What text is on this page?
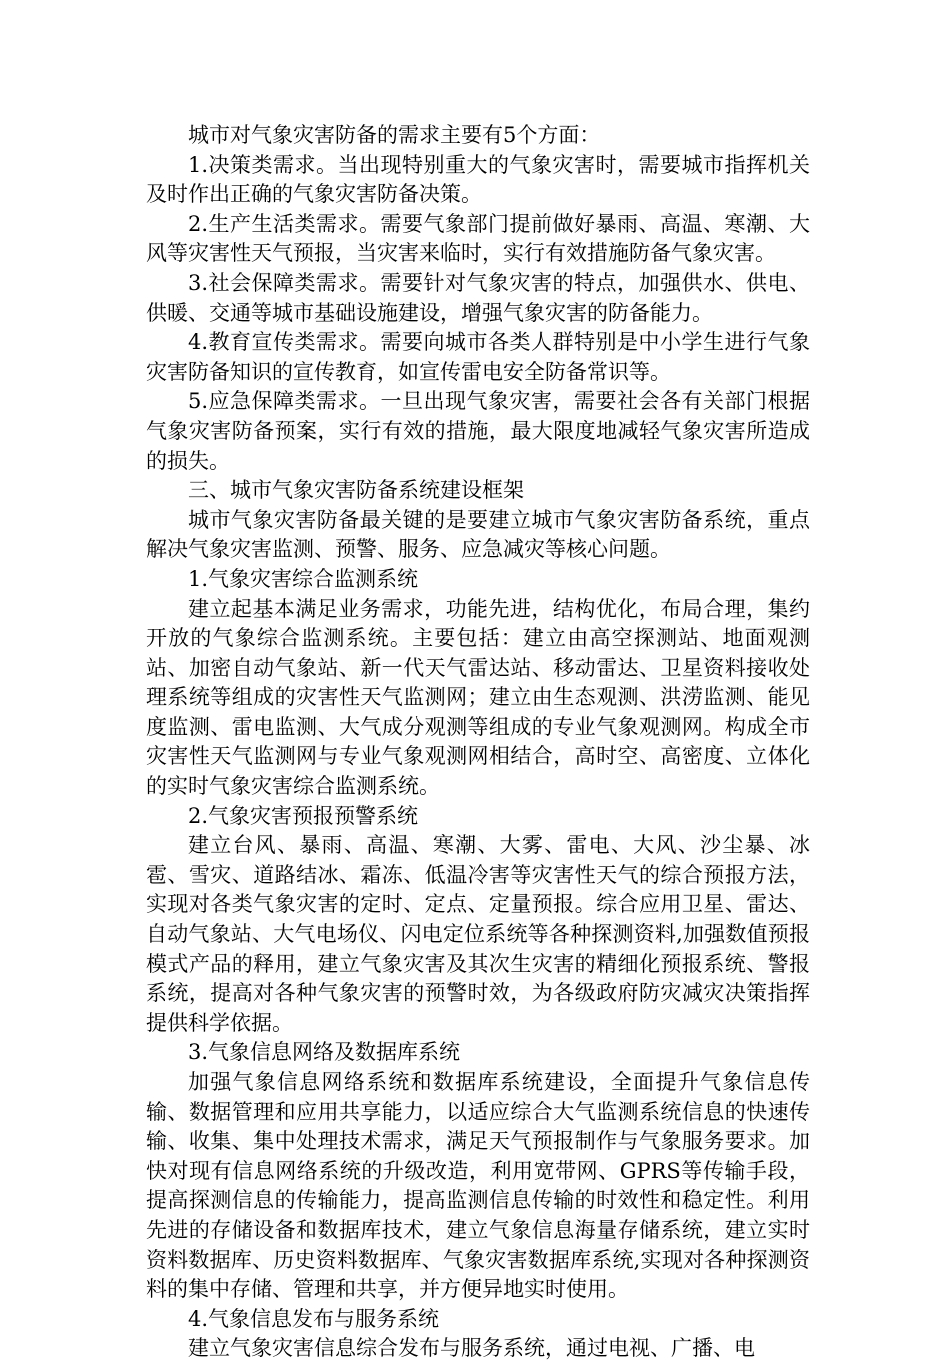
城市对气象灾害防备的需求主要有5个方面：

1.决策类需求。当出现特别重大的气象灾害时，需要城市指挥机关及时作出正确的气象灾害防备决策。

2.生产生活类需求。需要气象部门提前做好暴雨、高温、寒潮、大风等灾害性天气预报，当灾害来临时，实行有效措施防备气象灾害。

3.社会保障类需求。需要针对气象灾害的特点，加强供水、供电、供暖、交通等城市基础设施建设，增强气象灾害的防备能力。

4.教育宣传类需求。需要向城市各类人群特别是中小学生进行气象灾害防备知识的宣传教育，如宣传雷电安全防备常识等。

5.应急保障类需求。一旦出现气象灾害，需要社会各有关部门根据气象灾害防备预案，实行有效的措施，最大限度地减轻气象灾害所造成的损失。

三、城市气象灾害防备系统建设框架

城市气象灾害防备最关键的是要建立城市气象灾害防备系统，重点解决气象灾害监测、预警、服务、应急减灾等核心问题。

1.气象灾害综合监测系统

建立起基本满足业务需求，功能先进，结构优化，布局合理，集约开放的气象综合监测系统。主要包括：建立由高空探测站、地面观测站、加密自动气象站、新一代天气雷达站、移动雷达、卫星资料接收处理系统等组成的灾害性天气监测网；建立由生态观测、洪涝监测、能见度监测、雷电监测、大气成分观测等组成的专业气象观测网。构成全市灾害性天气监测网与专业气象观测网相结合，高时空、高密度、立体化的实时气象灾害综合监测系统。

2.气象灾害预报预警系统

建立台风、暴雨、高温、寒潮、大雾、雷电、大风、沙尘暴、冰雹、雪灾、道路结冰、霜冻、低温冷害等灾害性天气的综合预报方法，实现对各类气象灾害的定时、定点、定量预报。综合应用卫星、雷达、自动气象站、大气电场仪、闪电定位系统等各种探测资料,加强数值预报模式产品的释用，建立气象灾害及其次生灾害的精细化预报系统、警报系统，提高对各种气象灾害的预警时效，为各级政府防灾减灾决策指挥提供科学依据。

3.气象信息网络及数据库系统

加强气象信息网络系统和数据库系统建设，全面提升气象信息传输、数据管理和应用共享能力，以适应综合大气监测系统信息的快速传输、收集、集中处理技术需求，满足天气预报制作与气象服务要求。加快对现有信息网络系统的升级改造，利用宽带网、GPRS等传输手段，提高探测信息的传输能力，提高监测信息传输的时效性和稳定性。利用先进的存储设备和数据库技术，建立气象信息海量存储系统，建立实时资料数据库、历史资料数据库、气象灾害数据库系统,实现对各种探测资料的集中存储、管理和共享，并方便异地实时使用。

4.气象信息发布与服务系统

建立气象灾害信息综合发布与服务系统，通过电视、广播、电
